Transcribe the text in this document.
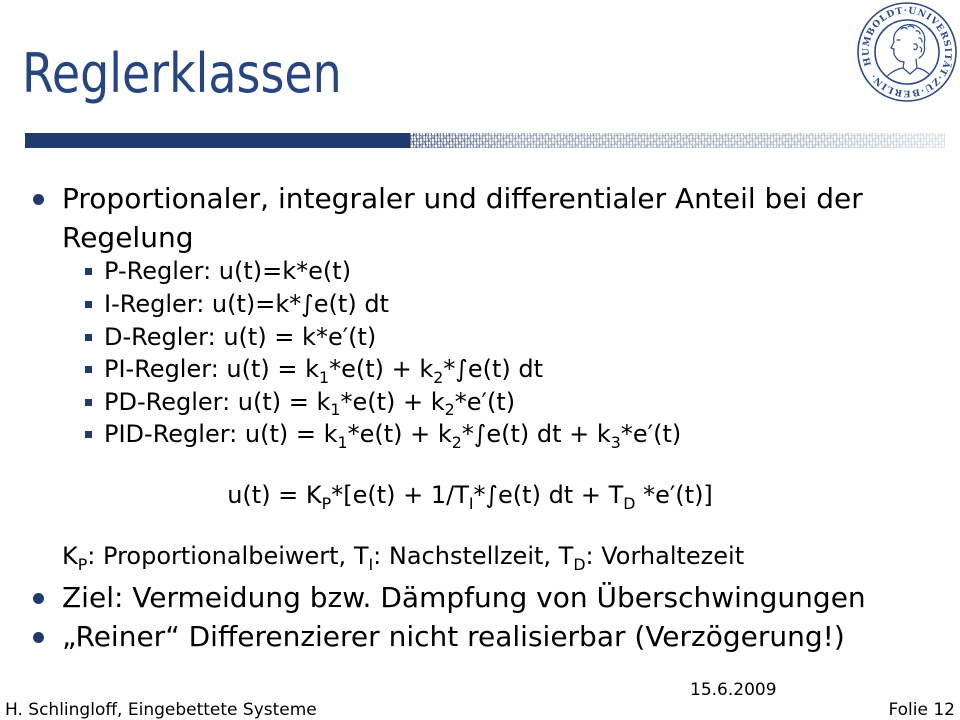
Reglerklassen	HUMBOLDT·UNIVERSITÄT·ZU·BERLIN·
Proportionaler, integraler und differentialer Anteil bei der Regelung
P-Regler: u(t)=k*e(t)
I-Regler: u(t)=k*∫e(t) dt
D-Regler: u(t) = k*e′(t)
PI-Regler: $u(t) = k_1*e(t) + k_2*\int e(t)$ dt
PD-Regler: $u(t) = k_1*e(t) + k_2*e'(t)$
PID-Regler: $u(t) = k_1*e(t) + k_2*\int e(t)$ dt + $k_3*e'(t)$
$u(t) = K_P*[e(t) + 1/T_I*\int e(t)$ dt + $T_D$ *e′(t)]
$K_P$: Proportionalbeiwert, $T_I$: Nachstellzeit, $T_D$: Vorhaltezeit
Ziel: Vermeidung bzw. Dämpfung von Überschwingungen
„Reiner“ Differenzierer nicht realisierbar (Verzögerung!)
H. Schlingloff, Eingebettete Systeme
15.6.2009
Folie 12
